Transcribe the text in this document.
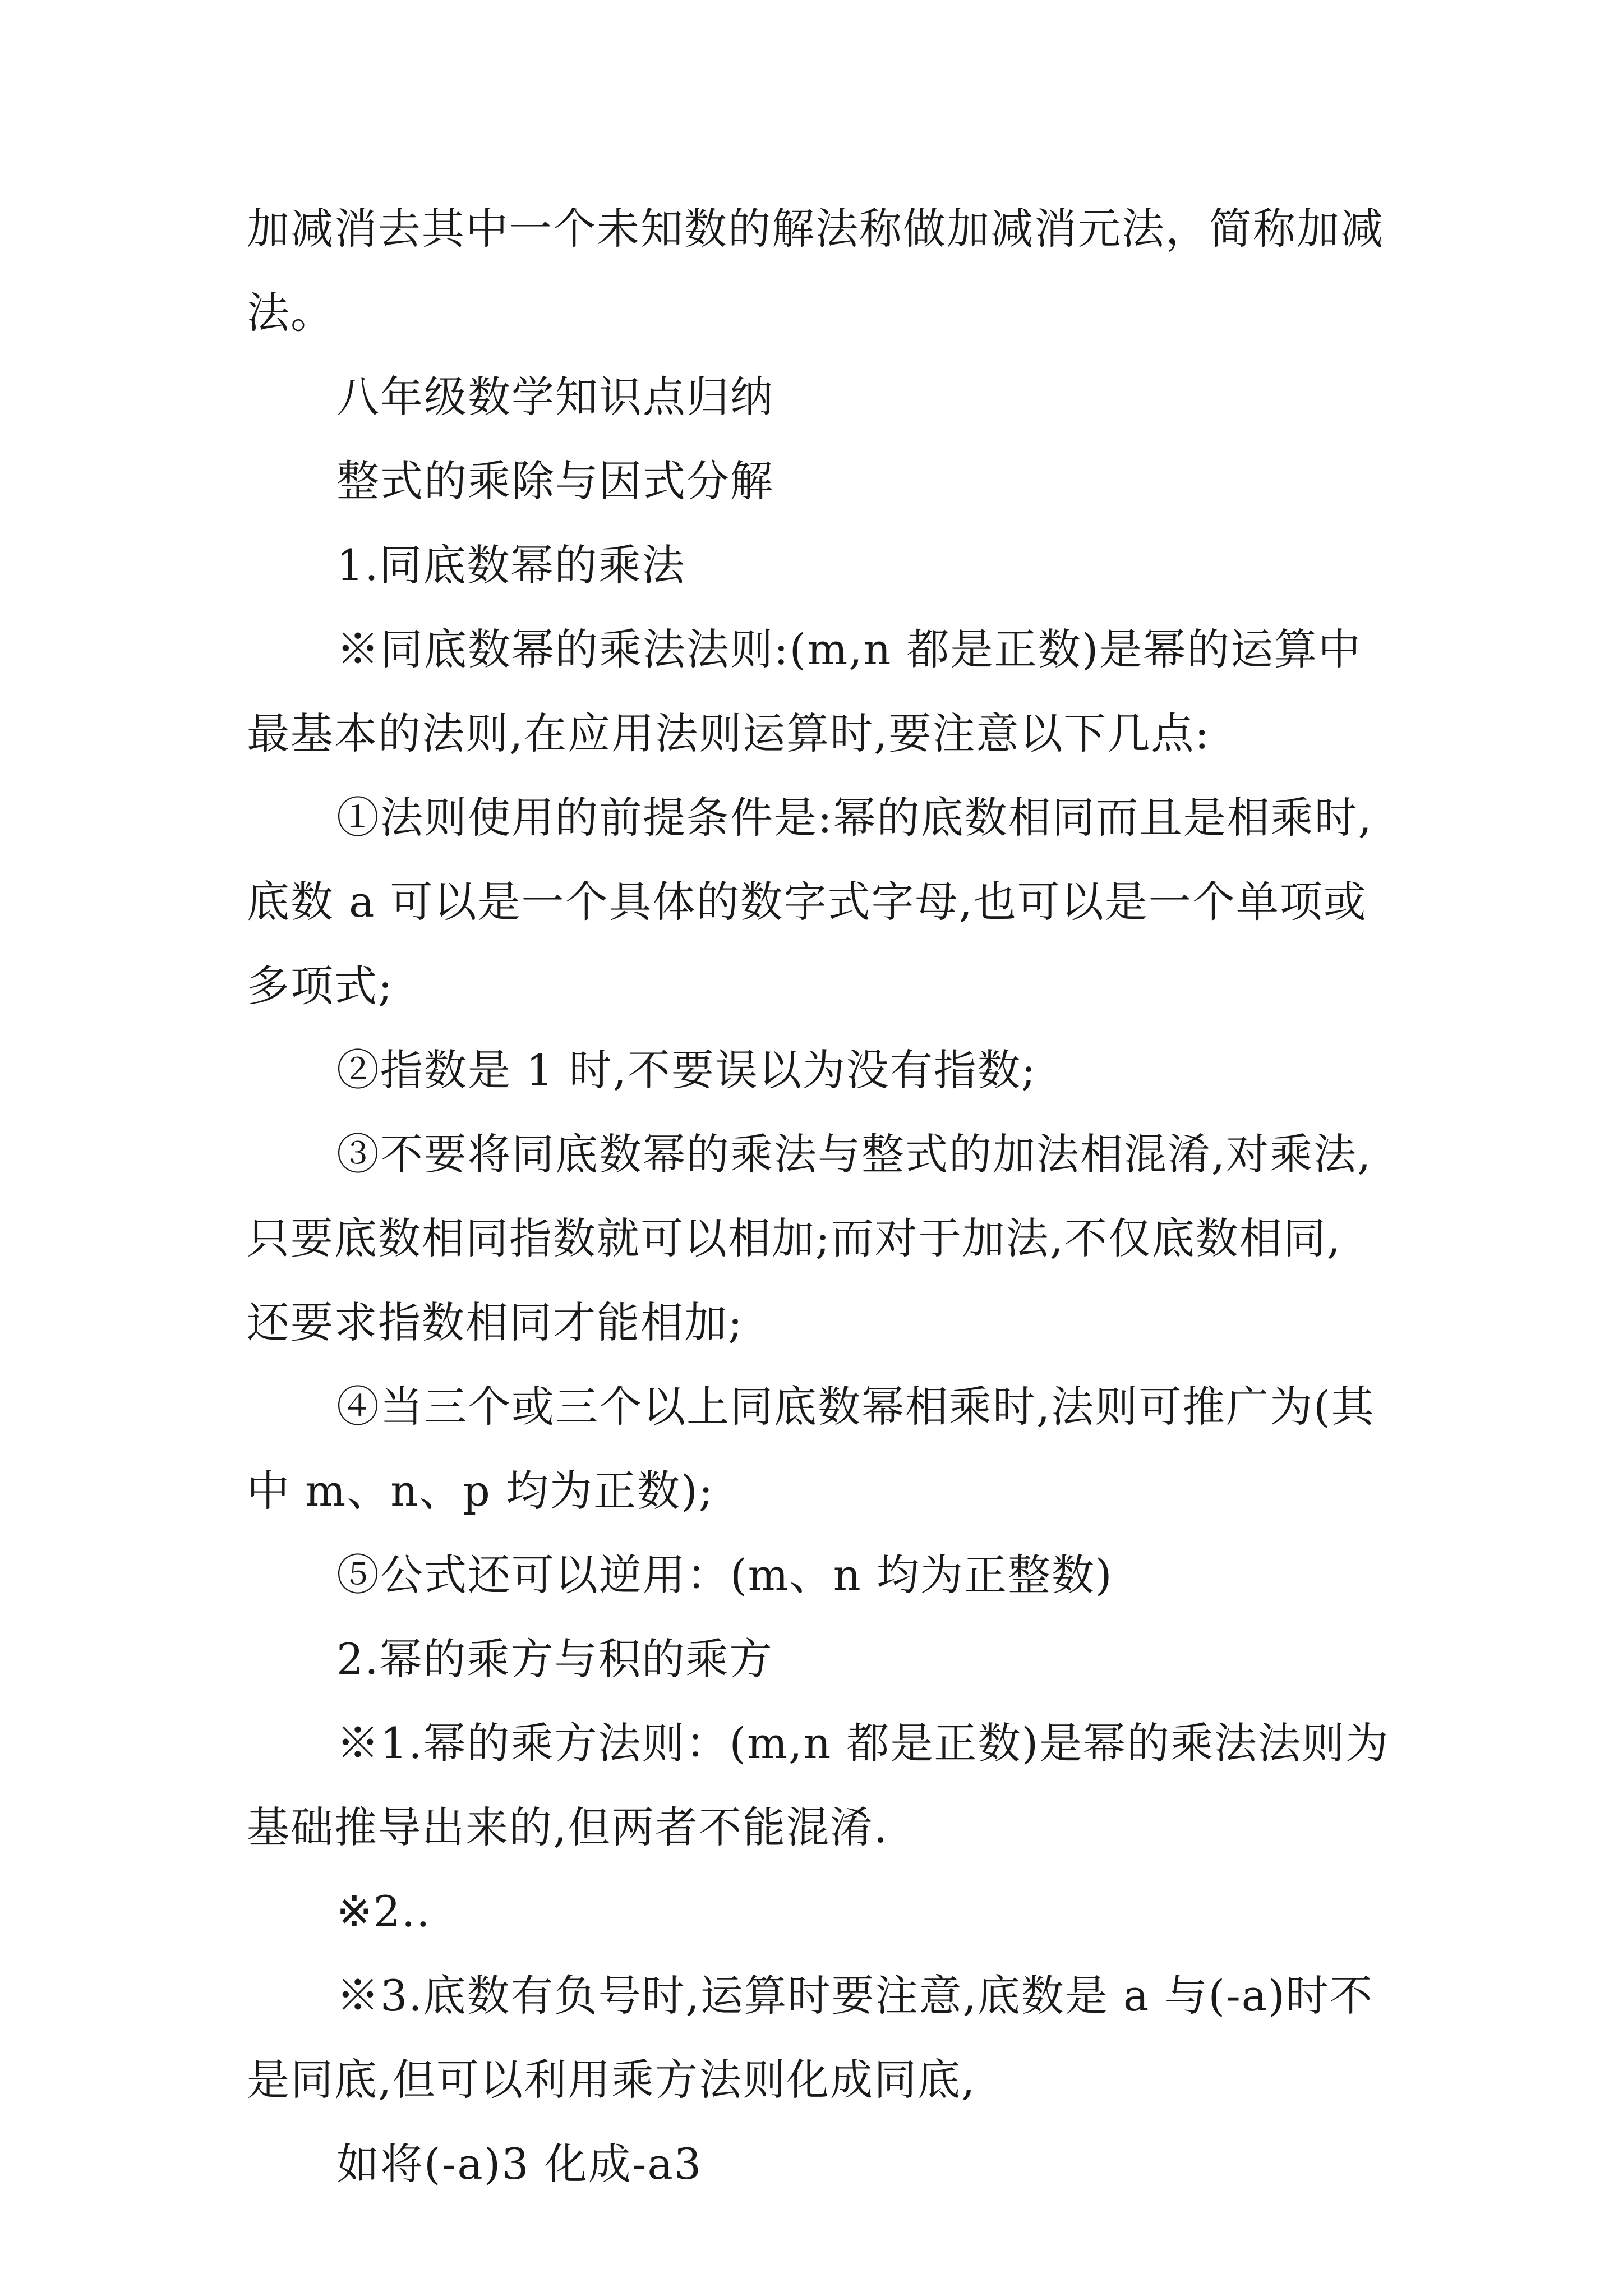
加减消去其中一个未知数的解法称做加减消元法，简称加减
法。
八年级数学知识点归纳
整式的乘除与因式分解
1.同底数幂的乘法
※同底数幂的乘法法则:(m,n 都是正数)是幂的运算中
最基本的法则,在应用法则运算时,要注意以下几点:
①法则使用的前提条件是:幂的底数相同而且是相乘时,
底数 a 可以是一个具体的数字式字母,也可以是一个单项或
多项式;
②指数是 1 时,不要误以为没有指数;
③不要将同底数幂的乘法与整式的加法相混淆,对乘法,
只要底数相同指数就可以相加;而对于加法,不仅底数相同,
还要求指数相同才能相加;
④当三个或三个以上同底数幂相乘时,法则可推广为(其
中 m、n、p 均为正数);
⑤公式还可以逆用：(m、n 均为正整数)
2.幂的乘方与积的乘方
※1.幂的乘方法则：(m,n 都是正数)是幂的乘法法则为
基础推导出来的,但两者不能混淆.
※2..
※3.底数有负号时,运算时要注意,底数是 a 与(-a)时不
是同底,但可以利用乘方法则化成同底,
如将(-a)3 化成-a3
